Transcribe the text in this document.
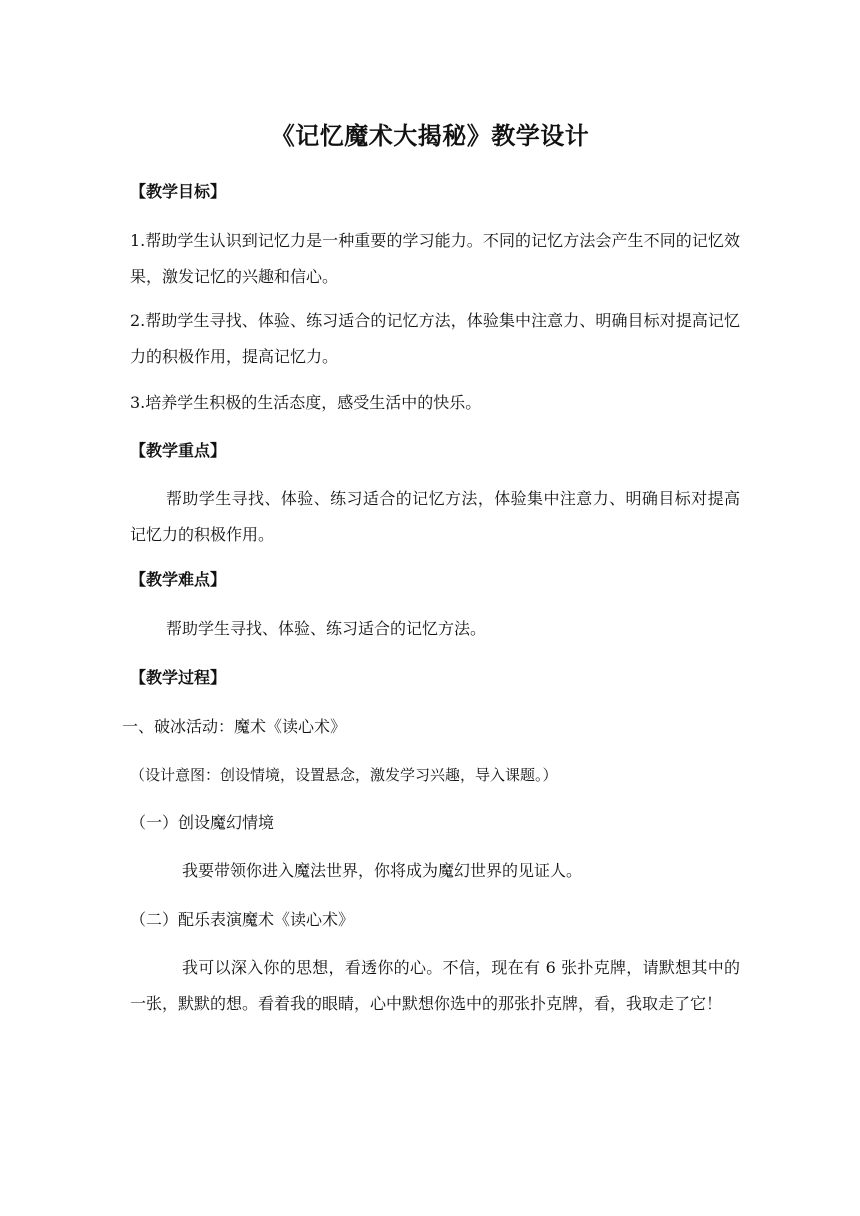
《记忆魔术大揭秘》教学设计
【教学目标】
1.帮助学生认识到记忆力是一种重要的学习能力。不同的记忆方法会产生不同的记忆效果，激发记忆的兴趣和信心。
2.帮助学生寻找、体验、练习适合的记忆方法，体验集中注意力、明确目标对提高记忆力的积极作用，提高记忆力。
3.培养学生积极的生活态度，感受生活中的快乐。
【教学重点】
帮助学生寻找、体验、练习适合的记忆方法，体验集中注意力、明确目标对提高记忆力的积极作用。
【教学难点】
帮助学生寻找、体验、练习适合的记忆方法。
【教学过程】
一、破冰活动：魔术《读心术》
（设计意图：创设情境，设置悬念，激发学习兴趣，导入课题。）
（一）创设魔幻情境
我要带领你进入魔法世界，你将成为魔幻世界的见证人。
（二）配乐表演魔术《读心术》
我可以深入你的思想，看透你的心。不信，现在有 6 张扑克牌，请默想其中的一张，默默的想。看着我的眼睛，心中默想你选中的那张扑克牌，看，我取走了它！
